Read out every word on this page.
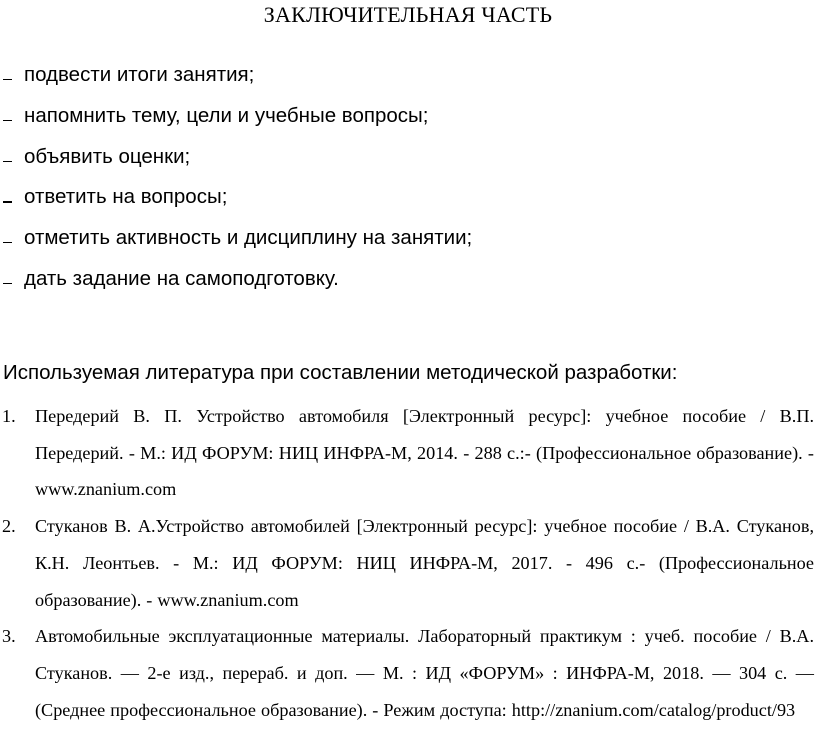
ЗАКЛЮЧИТЕЛЬНАЯ ЧАСТЬ
подвести итоги занятия;
напомнить тему, цели и учебные вопросы;
объявить оценки;
ответить на вопросы;
отметить активность и дисциплину на занятии;
дать задание на самоподготовку.
Используемая литература при составлении методической разработки:
1. Передерий В. П. Устройство автомобиля [Электронный ресурс]: учебное пособие / В.П. Передерий. - М.: ИД ФОРУМ: НИЦ ИНФРА-М, 2014. - 288 с.:- (Профессиональное образование). - www.znanium.com
2. Стуканов В. А.Устройство автомобилей [Электронный ресурс]: учебное пособие / В.А. Стуканов, К.Н. Леонтьев. - М.: ИД ФОРУМ: НИЦ ИНФРА-М, 2017. - 496 с.- (Профессиональное образование). - www.znanium.com
3. Автомобильные эксплуатационные материалы. Лабораторный практикум : учеб. пособие / В.А. Стуканов. — 2-е изд., перераб. и доп. — М. : ИД «ФОРУМ» : ИНФРА-М, 2018. — 304 с. — (Среднее профессиональное образование). - Режим доступа: http://znanium.com/catalog/product/93
